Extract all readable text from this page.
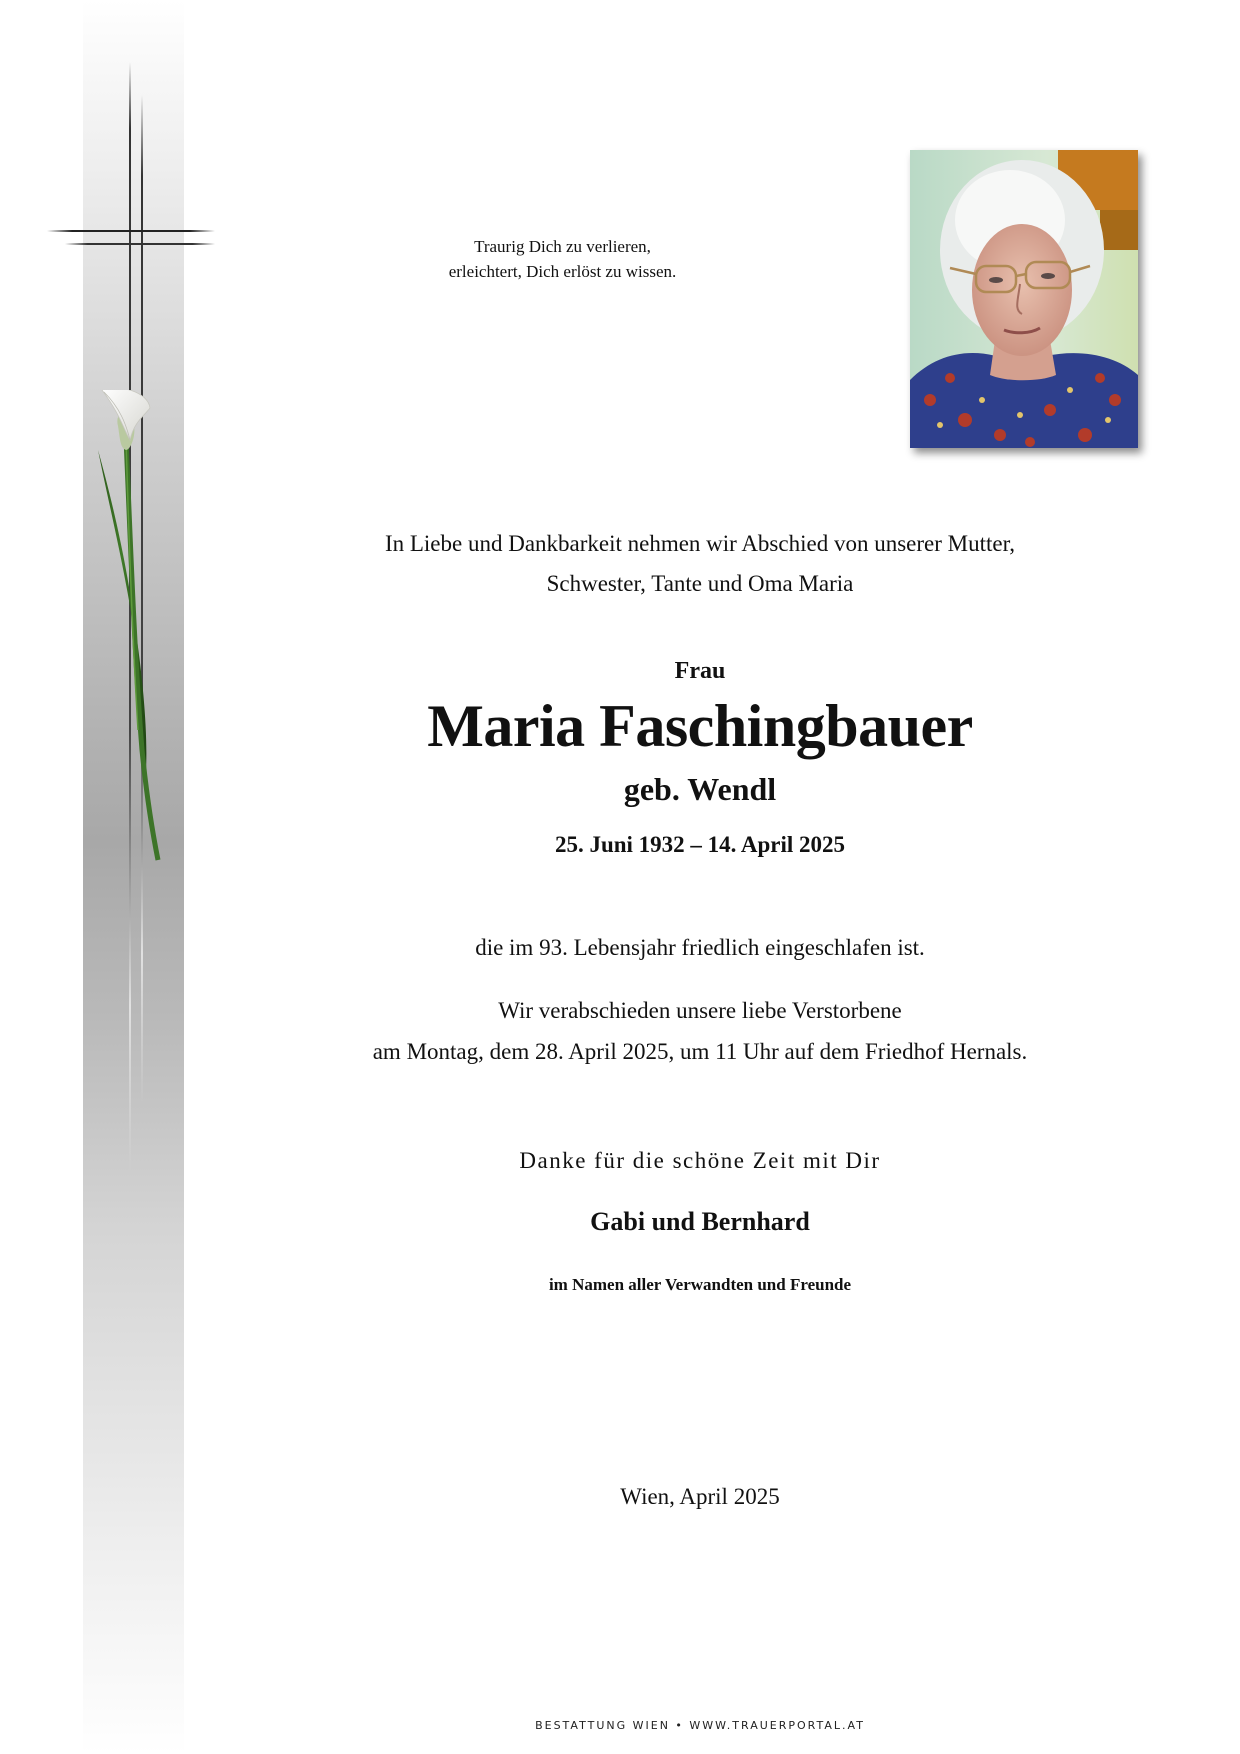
Traurig Dich zu verlieren,
erleichtert, Dich erlöst zu wissen.
In Liebe und Dankbarkeit nehmen wir Abschied von unserer Mutter,
Schwester, Tante und Oma Maria
Frau
Maria Faschingbauer
geb. Wendl
25. Juni 1932 – 14. April 2025
die im 93. Lebensjahr friedlich eingeschlafen ist.
Wir verabschieden unsere liebe Verstorbene
am Montag, dem 28. April 2025, um 11 Uhr auf dem Friedhof Hernals.
Danke für die schöne Zeit mit Dir
Gabi und Bernhard
im Namen aller Verwandten und Freunde
Wien, April 2025
BESTATTUNG WIEN • WWW.TRAUERPORTAL.AT
